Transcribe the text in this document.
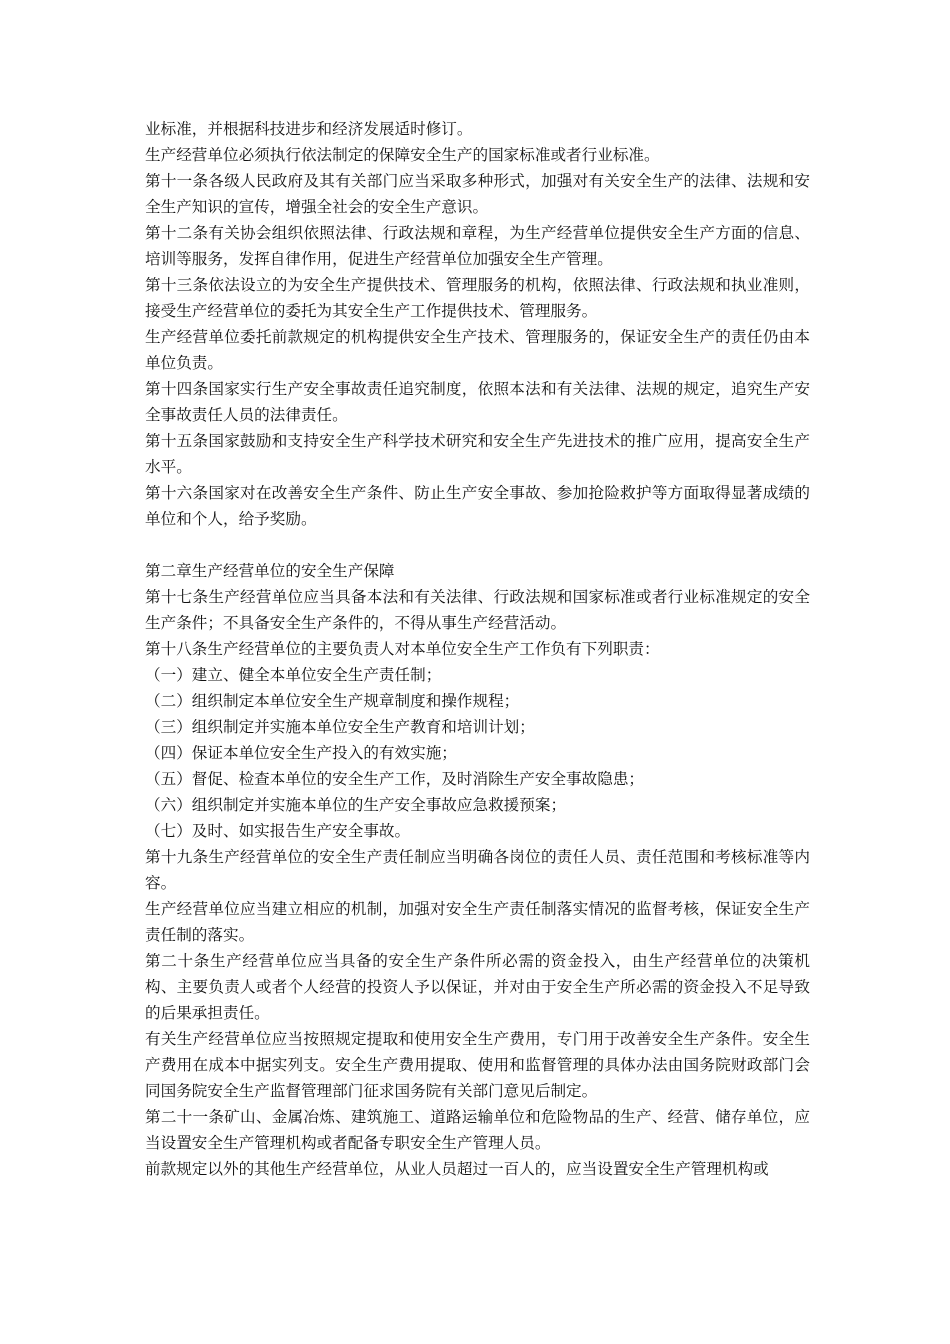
业标准，并根据科技进步和经济发展适时修订。

生产经营单位必须执行依法制定的保障安全生产的国家标准或者行业标准。

第十一条各级人民政府及其有关部门应当采取多种形式，加强对有关安全生产的法律、法规和安全生产知识的宣传，增强全社会的安全生产意识。

第十二条有关协会组织依照法律、行政法规和章程，为生产经营单位提供安全生产方面的信息、培训等服务，发挥自律作用，促进生产经营单位加强安全生产管理。

第十三条依法设立的为安全生产提供技术、管理服务的机构，依照法律、行政法规和执业准则，接受生产经营单位的委托为其安全生产工作提供技术、管理服务。

生产经营单位委托前款规定的机构提供安全生产技术、管理服务的，保证安全生产的责任仍由本单位负责。

第十四条国家实行生产安全事故责任追究制度，依照本法和有关法律、法规的规定，追究生产安全事故责任人员的法律责任。

第十五条国家鼓励和支持安全生产科学技术研究和安全生产先进技术的推广应用，提高安全生产水平。

第十六条国家对在改善安全生产条件、防止生产安全事故、参加抢险救护等方面取得显著成绩的单位和个人，给予奖励。

第二章生产经营单位的安全生产保障

第十七条生产经营单位应当具备本法和有关法律、行政法规和国家标准或者行业标准规定的安全生产条件；不具备安全生产条件的，不得从事生产经营活动。

第十八条生产经营单位的主要负责人对本单位安全生产工作负有下列职责：

（一）建立、健全本单位安全生产责任制；

（二）组织制定本单位安全生产规章制度和操作规程；

（三）组织制定并实施本单位安全生产教育和培训计划；

（四）保证本单位安全生产投入的有效实施；

（五）督促、检查本单位的安全生产工作，及时消除生产安全事故隐患；

（六）组织制定并实施本单位的生产安全事故应急救援预案；

（七）及时、如实报告生产安全事故。

第十九条生产经营单位的安全生产责任制应当明确各岗位的责任人员、责任范围和考核标准等内容。

生产经营单位应当建立相应的机制，加强对安全生产责任制落实情况的监督考核，保证安全生产责任制的落实。

第二十条生产经营单位应当具备的安全生产条件所必需的资金投入，由生产经营单位的决策机构、主要负责人或者个人经营的投资人予以保证，并对由于安全生产所必需的资金投入不足导致的后果承担责任。

有关生产经营单位应当按照规定提取和使用安全生产费用，专门用于改善安全生产条件。安全生产费用在成本中据实列支。安全生产费用提取、使用和监督管理的具体办法由国务院财政部门会同国务院安全生产监督管理部门征求国务院有关部门意见后制定。

第二十一条矿山、金属冶炼、建筑施工、道路运输单位和危险物品的生产、经营、储存单位，应当设置安全生产管理机构或者配备专职安全生产管理人员。

前款规定以外的其他生产经营单位，从业人员超过一百人的，应当设置安全生产管理机构或
